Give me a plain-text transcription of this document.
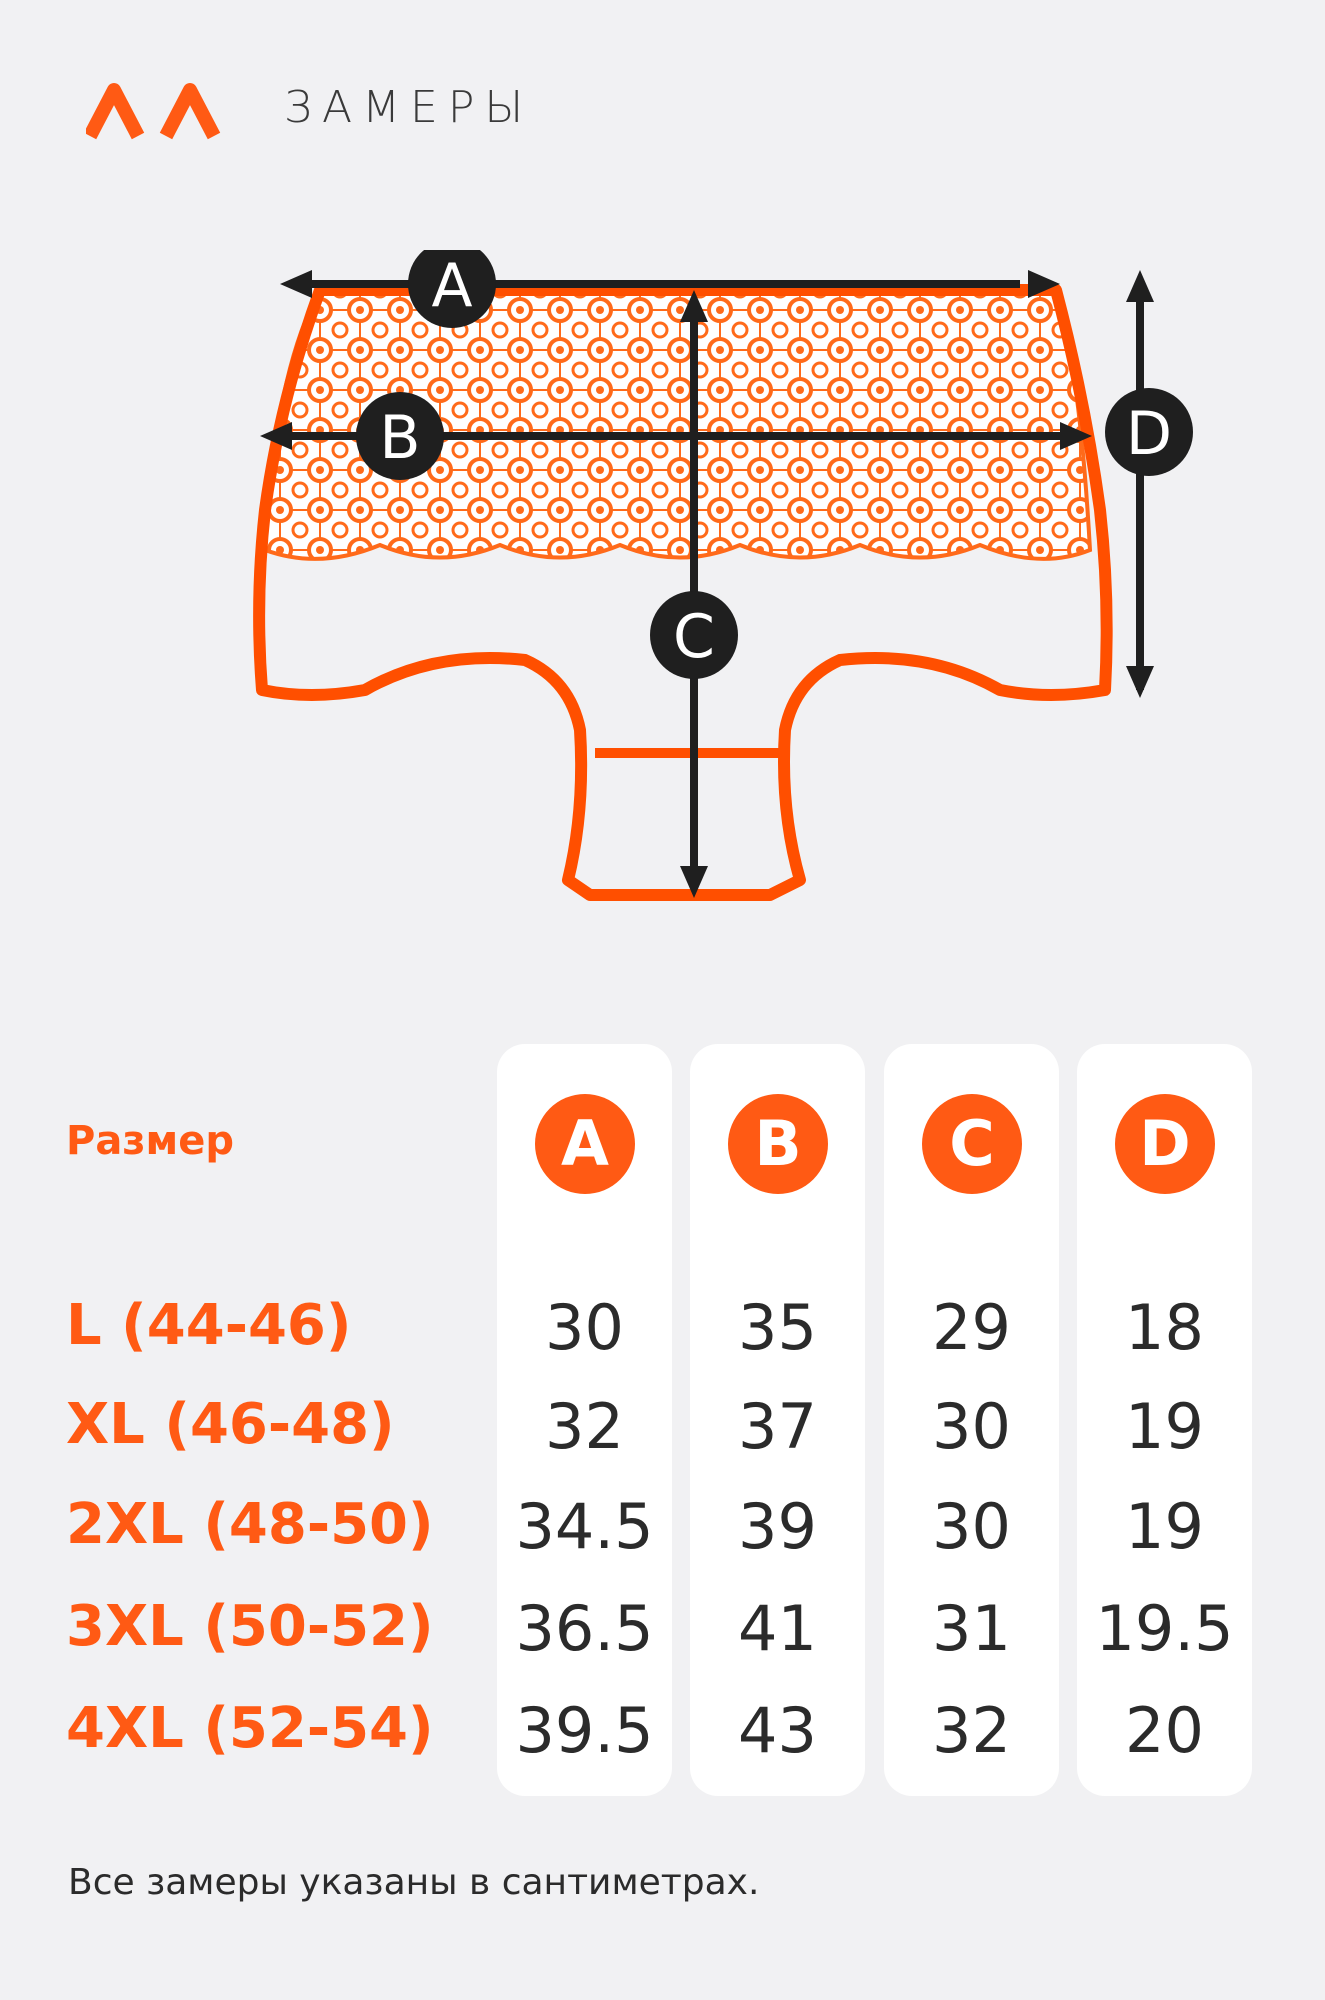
ЗАМЕРЫ
A
B
C
D
Размер
L (44-46)
XL (46-48)
2XL (48-50)
3XL (50-52)
4XL (52-54)
A
30
32
34.5
36.5
39.5
B
35
37
39
41
43
C
29
30
30
31
32
D
18
19
19
19.5
20
Все замеры указаны в сантиметрах.
